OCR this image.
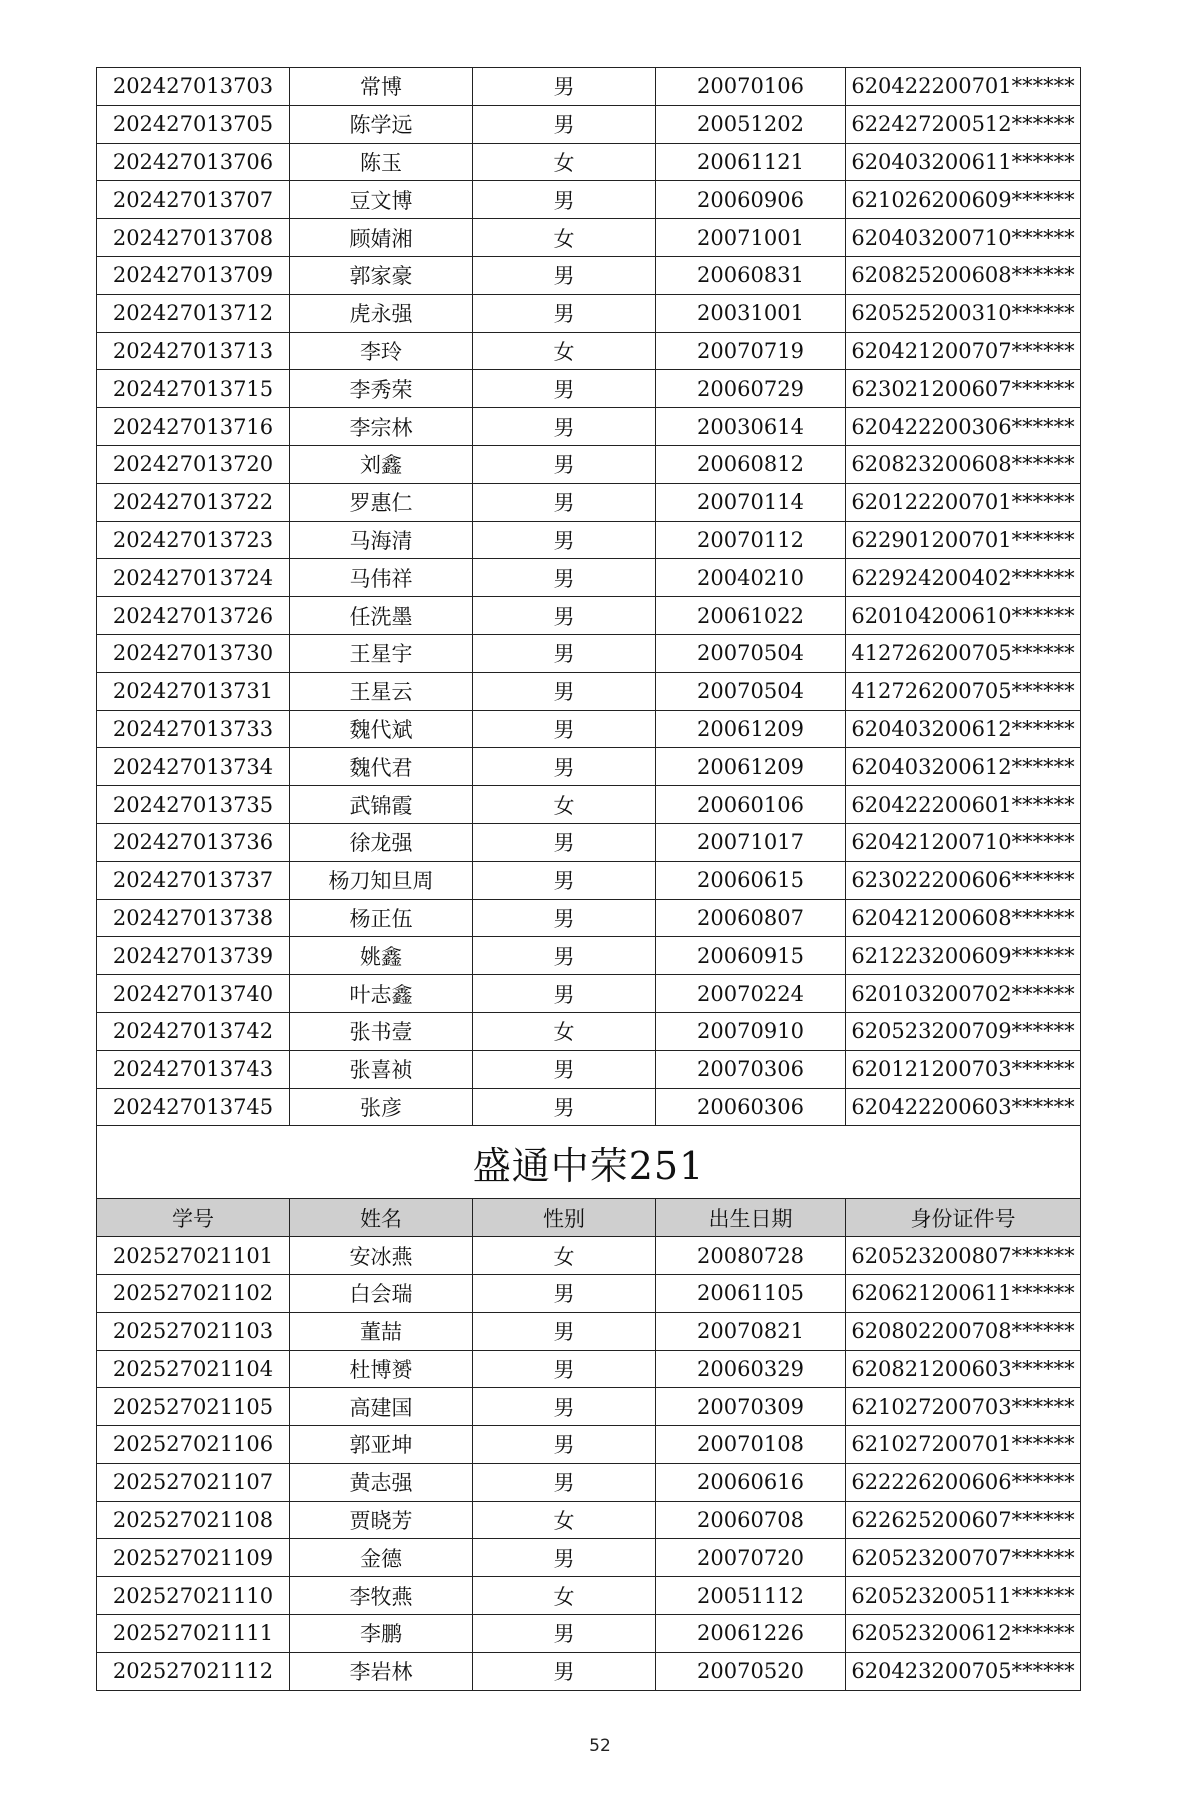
202427013703	常博	男	20070106	620422200701******
202427013705	陈学远	男	20051202	622427200512******
202427013706	陈玉	女	20061121	620403200611******
202427013707	豆文博	男	20060906	621026200609******
202427013708	顾婧湘	女	20071001	620403200710******
202427013709	郭家豪	男	20060831	620825200608******
202427013712	虎永强	男	20031001	620525200310******
202427013713	李玲	女	20070719	620421200707******
202427013715	李秀荣	男	20060729	623021200607******
202427013716	李宗林	男	20030614	620422200306******
202427013720	刘鑫	男	20060812	620823200608******
202427013722	罗惠仁	男	20070114	620122200701******
202427013723	马海清	男	20070112	622901200701******
202427013724	马伟祥	男	20040210	622924200402******
202427013726	任洗墨	男	20061022	620104200610******
202427013730	王星宇	男	20070504	412726200705******
202427013731	王星云	男	20070504	412726200705******
202427013733	魏代斌	男	20061209	620403200612******
202427013734	魏代君	男	20061209	620403200612******
202427013735	武锦霞	女	20060106	620422200601******
202427013736	徐龙强	男	20071017	620421200710******
202427013737	杨刀知旦周	男	20060615	623022200606******
202427013738	杨正伍	男	20060807	620421200608******
202427013739	姚鑫	男	20060915	621223200609******
202427013740	叶志鑫	男	20070224	620103200702******
202427013742	张书壹	女	20070910	620523200709******
202427013743	张喜祯	男	20070306	620121200703******
202427013745	张彦	男	20060306	620422200603******
盛通中荣251				
学号	姓名	性别	出生日期	身份证件号
202527021101	安冰燕	女	20080728	620523200807******
202527021102	白会瑞	男	20061105	620621200611******
202527021103	董喆	男	20070821	620802200708******
202527021104	杜博赟	男	20060329	620821200603******
202527021105	高建国	男	20070309	621027200703******
202527021106	郭亚坤	男	20070108	621027200701******
202527021107	黄志强	男	20060616	622226200606******
202527021108	贾晓芳	女	20060708	622625200607******
202527021109	金德	男	20070720	620523200707******
202527021110	李牧燕	女	20051112	620523200511******
202527021111	李鹏	男	20061226	620523200612******
202527021112	李岩林	男	20070520	620423200705******
52
